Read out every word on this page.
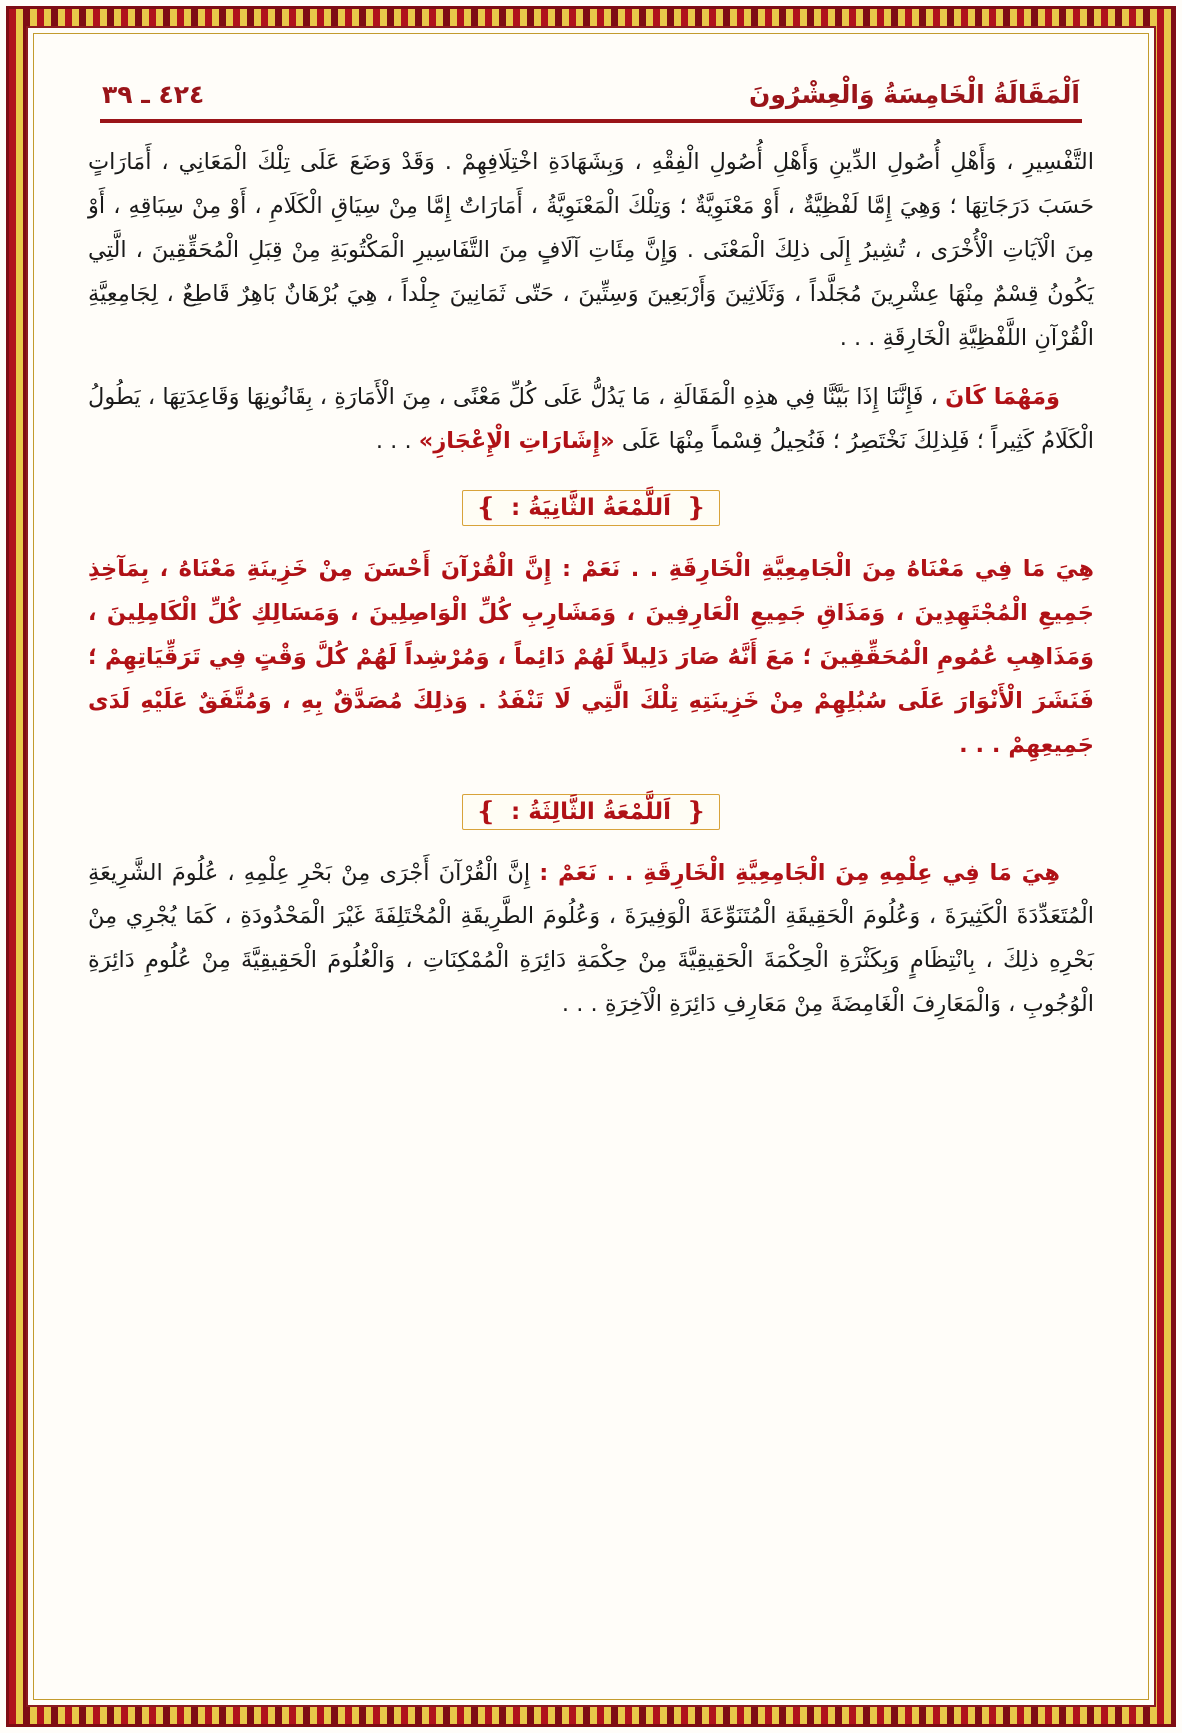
اَلْمَقَالَةُ الْخَامِسَةُ وَالْعِشْرُونَ
٤٢٤ ـ ٣٩

التَّفْسِيرِ ، وَأَهْلِ أُصُولِ الدِّينِ وَأَهْلِ أُصُولِ الْفِقْهِ ، وَبِشَهَادَةِ اخْتِلَافِهِمْ . وَقَدْ وَضَعَ عَلَى تِلْكَ الْمَعَانِي ، أَمَارَاتٍ حَسَبَ دَرَجَاتِهَا ؛ وَهِيَ إِمَّا لَفْظِيَّةٌ ، أَوْ مَعْنَوِيَّةٌ ؛ وَتِلْكَ الْمَعْنَوِيَّةُ ، أَمَارَاتٌ إِمَّا مِنْ سِيَاقِ الْكَلَامِ ، أَوْ مِنْ سِبَاقِهِ ، أَوْ مِنَ الْآيَاتِ الْأُخْرَى ، تُشِيرُ إِلَى ذلِكَ الْمَعْنَى . وَإِنَّ مِئَاتِ آلَافٍ مِنَ التَّفَاسِيرِ الْمَكْتُوبَةِ مِنْ قِبَلِ الْمُحَقِّقِينَ ، الَّتِي يَكُونُ قِسْمٌ مِنْهَا عِشْرِينَ مُجَلَّداً ، وَثَلَاثِينَ وَأَرْبَعِينَ وَسِتِّينَ ، حَتّى ثَمَانِينَ جِلْداً ، هِيَ بُرْهَانٌ بَاهِرٌ قَاطِعٌ ، لِجَامِعِيَّةِ الْقُرْآنِ اللَّفْظِيَّةِ الْخَارِقَةِ . . .

وَمَهْمَا كَانَ ، فَإِنَّنَا إِذَا بَيَّنَّا فِي هذِهِ الْمَقَالَةِ ، مَا يَدُلُّ عَلَى كُلِّ مَعْنًى ، مِنَ الْأَمَارَةِ ، بِقَانُونِهَا وَقَاعِدَتِهَا ، يَطُولُ الْكَلَامُ كَثِيراً ؛ فَلِذلِكَ نَخْتَصِرُ ؛ فَنُحِيلُ قِسْماً مِنْهَا عَلَى «إِشَارَاتِ الْإِعْجَازِ» . . .

❴
اَللَّمْعَةُ الثَّانِيَةُ :
❵

هِيَ مَا فِي مَعْنَاهُ مِنَ الْجَامِعِيَّةِ الْخَارِقَةِ . . نَعَمْ : إِنَّ الْقُرْآنَ أَحْسَنَ مِنْ خَزِينَةِ مَعْنَاهُ ، بِمَآخِذِ جَمِيعِ الْمُجْتَهِدِينَ ، وَمَذَاقِ جَمِيعِ الْعَارِفِينَ ، وَمَشَارِبِ كُلِّ الْوَاصِلِينَ ، وَمَسَالِكِ كُلِّ الْكَامِلِينَ ، وَمَذَاهِبِ عُمُومِ الْمُحَقِّقِينَ ؛ مَعَ أَنَّهُ صَارَ دَلِيلاً لَهُمْ دَائِماً ، وَمُرْشِداً لَهُمْ كُلَّ وَقْتٍ فِي تَرَقِّيَاتِهِمْ ؛ فَنَشَرَ الْأَنْوَارَ عَلَى سُبُلِهِمْ مِنْ خَزِينَتِهِ تِلْكَ الَّتِي لَا تَنْفَدُ . وَذلِكَ مُصَدَّقٌ بِهِ ، وَمُتَّفَقٌ عَلَيْهِ لَدَى جَمِيعِهِمْ . . .

❴
اَللَّمْعَةُ الثَّالِثَةُ :
❵

هِيَ مَا فِي عِلْمِهِ مِنَ الْجَامِعِيَّةِ الْخَارِقَةِ . . نَعَمْ : إِنَّ الْقُرْآنَ أَجْرَى مِنْ بَحْرِ عِلْمِهِ ، عُلُومَ الشَّرِيعَةِ الْمُتَعَدِّدَةَ الْكَثِيرَةَ ، وَعُلُومَ الْحَقِيقَةِ الْمُتَنَوِّعَةَ الْوَفِيرَةَ ، وَعُلُومَ الطَّرِيقَةِ الْمُخْتَلِفَةَ غَيْرَ الْمَحْدُودَةِ ، كَمَا يُجْرِي مِنْ بَحْرِهِ ذلِكَ ، بِانْتِظَامٍ وَبِكَثْرَةِ الْحِكْمَةَ الْحَقِيقِيَّةَ مِنْ حِكْمَةِ دَائِرَةِ الْمُمْكِنَاتِ ، وَالْعُلُومَ الْحَقِيقِيَّةَ مِنْ عُلُومِ دَائِرَةِ الْوُجُوبِ ، وَالْمَعَارِفَ الْغَامِضَةَ مِنْ مَعَارِفِ دَائِرَةِ الْآخِرَةِ . . .
